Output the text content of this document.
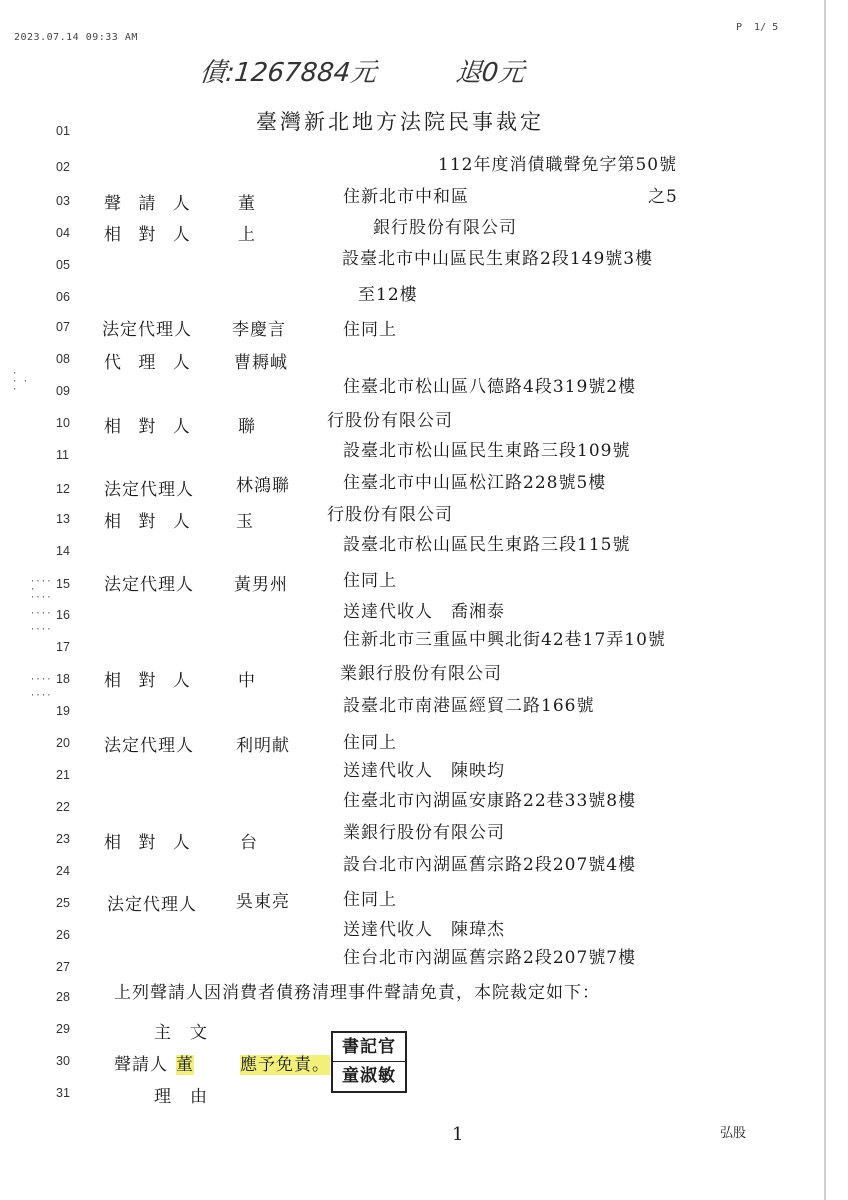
2023.07.14 09:33 AM
P  1/ 5
債:1267884元	退0元
臺灣新北地方法院民事裁定
01
02
03
04
05
06
07
08
09
10
11
12
13
14
15
16
17
18
19
20
21
22
23
24
25
26
27
28
29
30
31
112年度消債職聲免字第50號
聲 請 人 董	住新北市中和區	之5
相 對 人 上	銀行股份有限公司
設臺北市中山區民生東路2段149號3樓
至12樓
法定代理人 李慶言	住同上
代 理 人 曹耨峸
住臺北市松山區八德路4段319號2樓
相 對 人 聯	行股份有限公司
設臺北市松山區民生東路三段109號
法定代理人 林鴻聯	住臺北市中山區松江路228號5樓
相 對 人 玉	行股份有限公司
設臺北市松山區民生東路三段115號
法定代理人 黃男州	住同上
送達代收人　喬湘泰
住新北市三重區中興北街42巷17弄10號
相 對 人 中	業銀行股份有限公司
設臺北市南港區經貿二路166號
法定代理人 利明献	住同上
送達代收人　陳映均
住臺北市內湖區安康路22巷33號8樓
相 對 人	台	業銀行股份有限公司
設台北市內湖區舊宗路2段207號4樓
法定代理人 吳東亮	住同上
送達代收人　陳瑋杰
住台北市內湖區舊宗路2段207號7樓
上列聲請人因消費者債務清理事件聲請免責，本院裁定如下：
主　文
聲請人 董	應予免責。
理　由
書記官
童淑敏
⋅
⋅ ⋅
⋅
⋅⋅⋅⋅
⋅
⋅⋅⋅⋅

⋅⋅⋅⋅

⋅⋅⋅⋅
⋅⋅⋅⋅

⋅⋅⋅⋅
1	弘股
